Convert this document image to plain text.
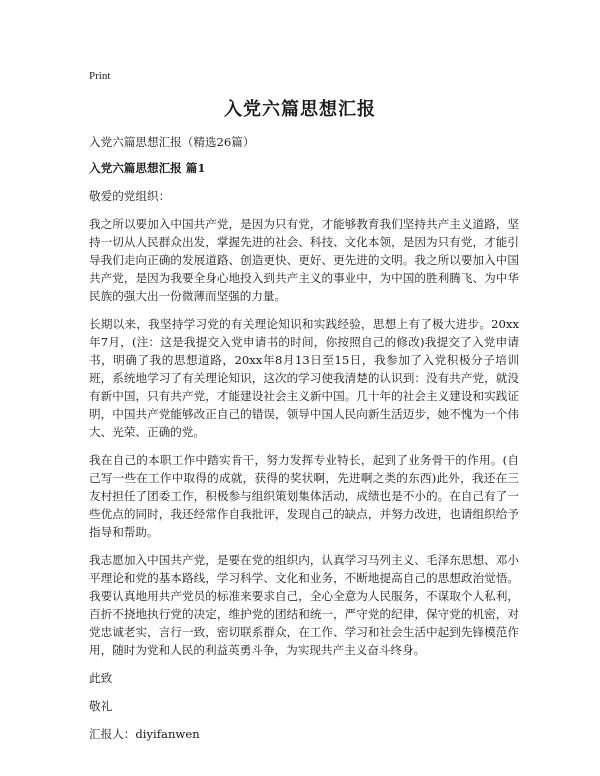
Print
入党六篇思想汇报
入党六篇思想汇报（精选26篇）
入党六篇思想汇报 篇1

敬爱的党组织：

我之所以要加入中国共产党，是因为只有党，才能够教育我们坚持共产主义道路，坚持一切从人民群众出发，掌握先进的社会、科技、文化本领，是因为只有党，才能引导我们走向正确的发展道路、创造更快、更好、更先进的文明。我之所以要加入中国共产党，是因为我要全身心地投入到共产主义的事业中，为中国的胜利腾飞、为中华民族的强大出一份微薄而坚强的力量。

长期以来，我坚持学习党的有关理论知识和实践经验，思想上有了极大进步。20xx年7月，(注：这是我提交入党申请书的时间，你按照自己的修改)我提交了入党申请书，明确了我的思想道路，20xx年8月13日至15日，我参加了入党积极分子培训班，系统地学习了有关理论知识，这次的学习使我清楚的认识到：没有共产党，就没有新中国，只有共产党，才能建设社会主义新中国。几十年的社会主义建设和实践证明，中国共产党能够改正自己的错误，领导中国人民向新生活迈步，她不愧为一个伟大、光荣、正确的党。

我在自己的本职工作中踏实肯干，努力发挥专业特长，起到了业务骨干的作用。(自己写一些在工作中取得的成就，获得的奖状啊，先进啊之类的东西)此外，我还在三友村担任了团委工作，积极参与组织策划集体活动，成绩也是不小的。在自己有了一些优点的同时，我还经常作自我批评，发现自己的缺点，并努力改进，也请组织给予指导和帮助。

我志愿加入中国共产党，是要在党的组织内，认真学习马列主义、毛泽东思想、邓小平理论和党的基本路线，学习科学、文化和业务，不断地提高自己的思想政治觉悟。我要认真地用共产党员的标准来要求自己，全心全意为人民服务，不谋取个人私利，百折不挠地执行党的决定，维护党的团结和统一，严守党的纪律，保守党的机密，对党忠诚老实，言行一致，密切联系群众，在工作、学习和社会生活中起到先锋模范作用，随时为党和人民的利益英勇斗争，为实现共产主义奋斗终身。

此致
敬礼
汇报人：diyifanwen
